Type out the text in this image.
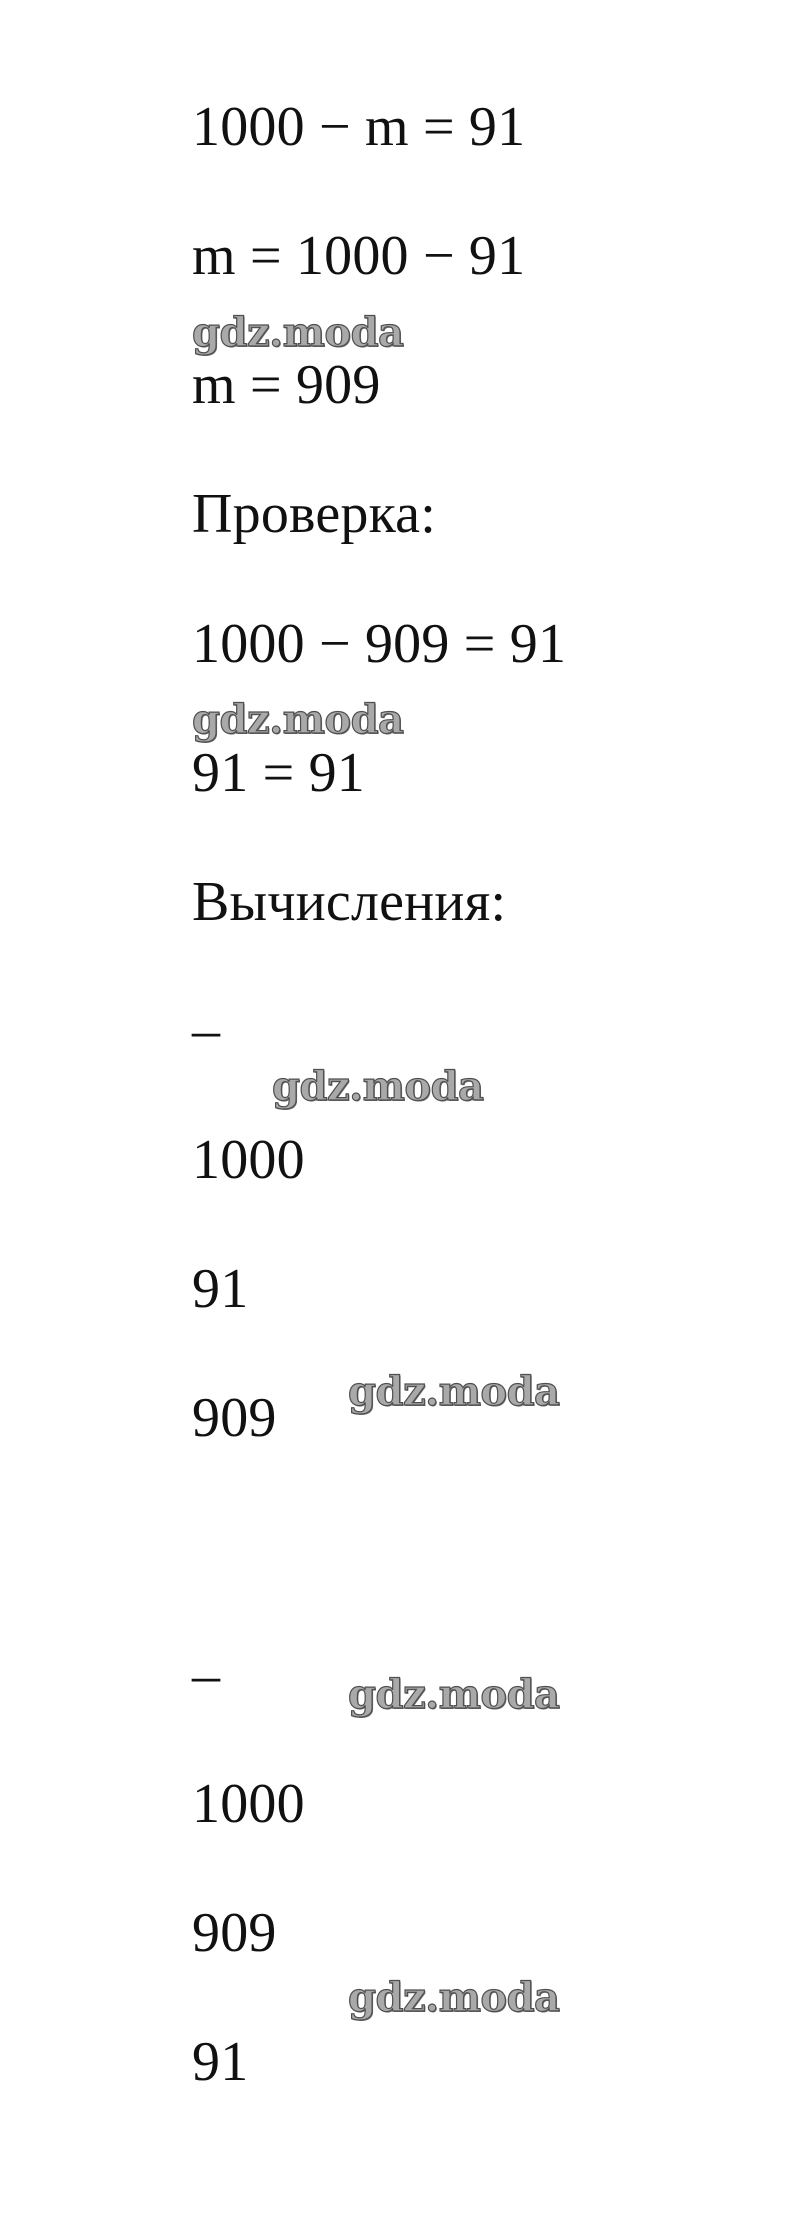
1000 − m = 91
m = 1000 − 91
gdz.moda
m = 909
Проверка:
1000 − 909 = 91
gdz.moda
91 = 91
Вычисления:
–
gdz.moda
1000
91
909 gdz.moda
–	gdz.moda
1000
909
gdz.moda
91
